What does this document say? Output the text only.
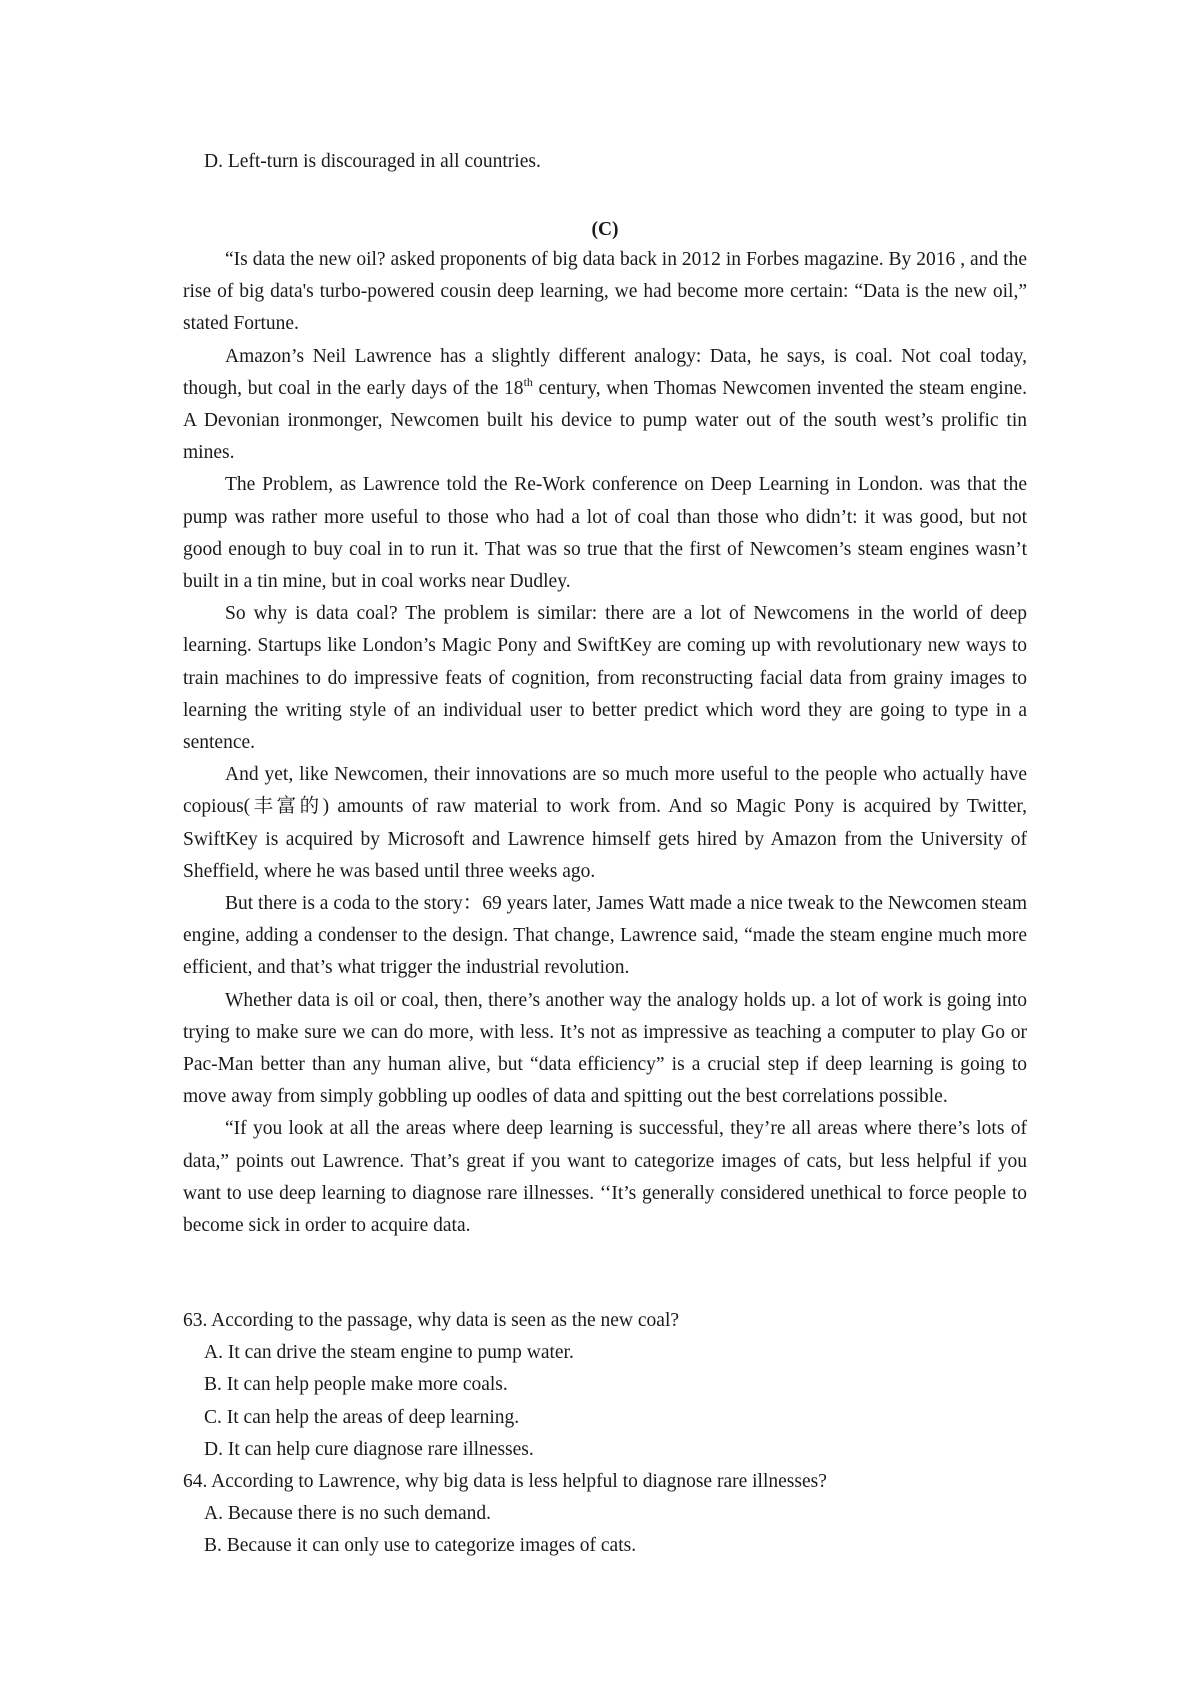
D. Left-turn is discouraged in all countries.
(C)

“Is data the new oil? asked proponents of big data back in 2012 in Forbes magazine. By 2016 , and the rise of big data's turbo-powered cousin deep learning, we had become more certain: “Data is the new oil,” stated Fortune.

Amazon’s Neil Lawrence has a slightly different analogy: Data, he says, is coal. Not coal today, though, but coal in the early days of the 18th century, when Thomas Newcomen invented the steam engine. A Devonian ironmonger, Newcomen built his device to pump water out of the south west’s prolific tin mines.

The Problem, as Lawrence told the Re-Work conference on Deep Learning in London. was that the pump was rather more useful to those who had a lot of coal than those who didn’t: it was good, but not good enough to buy coal in to run it. That was so true that the first of Newcomen’s steam engines wasn’t built in a tin mine, but in coal works near Dudley.

So why is data coal? The problem is similar: there are a lot of Newcomens in the world of deep learning. Startups like London’s Magic Pony and SwiftKey are coming up with revolutionary new ways to train machines to do impressive feats of cognition, from reconstructing facial data from grainy images to learning the writing style of an individual user to better predict which word they are going to type in a sentence.

And yet, like Newcomen, their innovations are so much more useful to the people who actually have copious(丰富的) amounts of raw material to work from. And so Magic Pony is acquired by Twitter, SwiftKey is acquired by Microsoft and Lawrence himself gets hired by Amazon from the University of Sheffield, where he was based until three weeks ago.

But there is a coda to the story：69 years later, James Watt made a nice tweak to the Newcomen steam engine, adding a condenser to the design. That change, Lawrence said, “made the steam engine much more efficient, and that’s what trigger the industrial revolution.

Whether data is oil or coal, then, there’s another way the analogy holds up. a lot of work is going into trying to make sure we can do more, with less. It’s not as impressive as teaching a computer to play Go or Pac-Man better than any human alive, but “data efficiency” is a crucial step if deep learning is going to move away from simply gobbling up oodles of data and spitting out the best correlations possible.

“If you look at all the areas where deep learning is successful, they’re all areas where there’s lots of data,” points out Lawrence. That’s great if you want to categorize images of cats, but less helpful if you want to use deep learning to diagnose rare illnesses. ‘‘It’s generally considered unethical to force people to become sick in order to acquire data.

63. According to the passage, why data is seen as the new coal?

A. It can drive the steam engine to pump water.

B. It can help people make more coals.

C. It can help the areas of deep learning.

D. It can help cure diagnose rare illnesses.

64. According to Lawrence, why big data is less helpful to diagnose rare illnesses?

A. Because there is no such demand.

B. Because it can only use to categorize images of cats.
